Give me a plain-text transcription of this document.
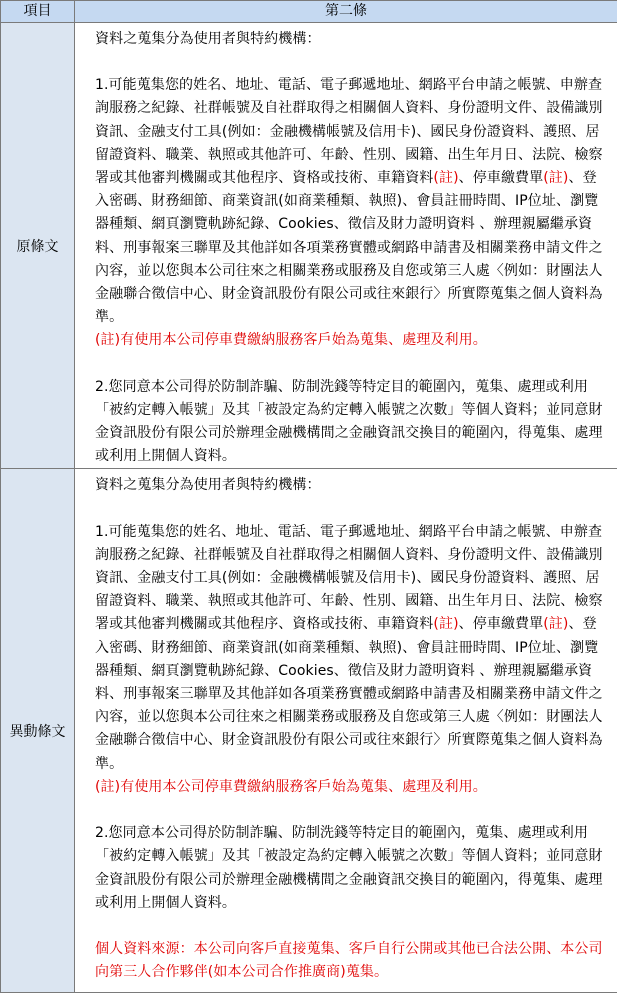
項目	第二條
原條文	資料之蒐集分為使用者與特約機構：

1.可能蒐集您的姓名、地址、電話、電子郵遞地址、網路平台申請之帳號、申辦查詢服務之紀錄、社群帳號及自社群取得之相關個人資料、身份證明文件、設備識別資訊、金融支付工具(例如：金融機構帳號及信用卡)、國民身份證資料、護照、居留證資料、職業、執照或其他許可、年齡、性別、國籍、出生年月日、法院、檢察署或其他審判機關或其他程序、資格或技術、車籍資料(註)、停車繳費單(註)、登入密碼、財務細節、商業資訊(如商業種類、執照)、會員註冊時間、IP位址、瀏覽器種類、網頁瀏覽軌跡紀錄、Cookies、徵信及財力證明資料 、辦理親屬繼承資料、刑事報案三聯單及其他詳如各項業務實體或網路申請書及相關業務申請文件之內容，並以您與本公司往來之相關業務或服務及自您或第三人處〈例如：財團法人金融聯合徵信中心、財金資訊股份有限公司或往來銀行〉所實際蒐集之個人資料為準。

(註)有使用本公司停車費繳納服務客戶始為蒐集、處理及利用。

2.您同意本公司得於防制詐騙、防制洗錢等特定目的範圍內，蒐集、處理或利用「被約定轉入帳號」及其「被設定為約定轉入帳號之次數」等個人資料；並同意財金資訊股份有限公司於辦理金融機構間之金融資訊交換目的範圍內，得蒐集、處理或利用上開個人資料。

異動條文	資料之蒐集分為使用者與特約機構：

1.可能蒐集您的姓名、地址、電話、電子郵遞地址、網路平台申請之帳號、申辦查詢服務之紀錄、社群帳號及自社群取得之相關個人資料、身份證明文件、設備識別資訊、金融支付工具(例如：金融機構帳號及信用卡)、國民身份證資料、護照、居留證資料、職業、執照或其他許可、年齡、性別、國籍、出生年月日、法院、檢察署或其他審判機關或其他程序、資格或技術、車籍資料(註)、停車繳費單(註)、登入密碼、財務細節、商業資訊(如商業種類、執照)、會員註冊時間、IP位址、瀏覽器種類、網頁瀏覽軌跡紀錄、Cookies、徵信及財力證明資料 、辦理親屬繼承資料、刑事報案三聯單及其他詳如各項業務實體或網路申請書及相關業務申請文件之內容，並以您與本公司往來之相關業務或服務及自您或第三人處〈例如：財團法人金融聯合徵信中心、財金資訊股份有限公司或往來銀行〉所實際蒐集之個人資料為準。

(註)有使用本公司停車費繳納服務客戶始為蒐集、處理及利用。

2.您同意本公司得於防制詐騙、防制洗錢等特定目的範圍內，蒐集、處理或利用「被約定轉入帳號」及其「被設定為約定轉入帳號之次數」等個人資料；並同意財金資訊股份有限公司於辦理金融機構間之金融資訊交換目的範圍內，得蒐集、處理或利用上開個人資料。

個人資料來源：本公司向客戶直接蒐集、客戶自行公開或其他已合法公開、本公司向第三人合作夥伴(如本公司合作推廣商)蒐集。
